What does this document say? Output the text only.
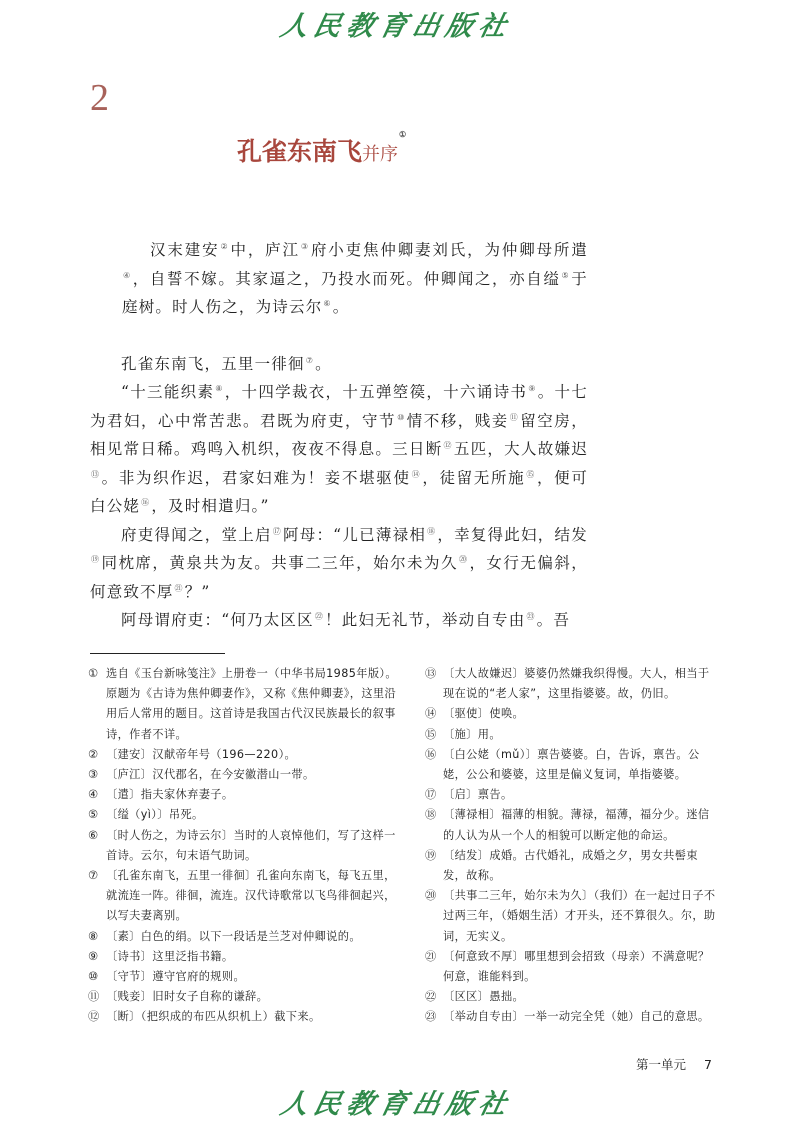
人民教育出版社
2
孔雀东南飞并序①

汉末建安②中，庐江③府小吏焦仲卿妻刘氏，为仲卿母所遣④，自誓不嫁。其家逼之，乃投水而死。仲卿闻之，亦自缢⑤于庭树。时人伤之，为诗云尔⑥。

孔雀东南飞，五里一徘徊⑦。

“十三能织素⑧，十四学裁衣，十五弹箜篌，十六诵诗书⑨。十七为君妇，心中常苦悲。君既为府吏，守节⑩情不移，贱妾⑪留空房，相见常日稀。鸡鸣入机织，夜夜不得息。三日断⑫五匹，大人故嫌迟⑬。非为织作迟，君家妇难为！妾不堪驱使⑭，徒留无所施⑮，便可白公姥⑯，及时相遣归。”

府吏得闻之，堂上启⑰阿母：“儿已薄禄相⑱，幸复得此妇，结发⑲同枕席，黄泉共为友。共事二三年，始尔未为久⑳，女行无偏斜，何意致不厚$^㉑$？”

阿母谓府吏：“何乃太区区$^㉒$！此妇无礼节，举动自专由$^㉓$。吾

① 选自《玉台新咏笺注》上册卷一（中华书局1985年版）。原题为《古诗为焦仲卿妻作》，又称《焦仲卿妻》，这里沿用后人常用的题目。这首诗是我国古代汉民族最长的叙事诗，作者不详。
② 〔建安〕汉献帝年号（196—220）。
③ 〔庐江〕汉代郡名，在今安徽潜山一带。
④ 〔遣〕指夫家休弃妻子。
⑤ 〔缢（yì）〕吊死。
⑥ 〔时人伤之，为诗云尔〕当时的人哀悼他们，写了这样一首诗。云尔，句末语气助词。
⑦ 〔孔雀东南飞，五里一徘徊〕孔雀向东南飞，每飞五里，就流连一阵。徘徊，流连。汉代诗歌常以飞鸟徘徊起兴，以写夫妻离别。
⑧ 〔素〕白色的绢。以下一段话是兰芝对仲卿说的。
⑨ 〔诗书〕这里泛指书籍。
⑩ 〔守节〕遵守官府的规则。
⑪ 〔贱妾〕旧时女子自称的谦辞。
⑫ 〔断〕（把织成的布匹从织机上）截下来。
⑬ 〔大人故嫌迟〕婆婆仍然嫌我织得慢。大人，相当于现在说的“老人家”，这里指婆婆。故，仍旧。
⑭ 〔驱使〕使唤。
⑮ 〔施〕用。
⑯ 〔白公姥（mǔ）〕禀告婆婆。白，告诉，禀告。公姥，公公和婆婆，这里是偏义复词，单指婆婆。
⑰ 〔启〕禀告。
⑱ 〔薄禄相〕福薄的相貌。薄禄，福薄，福分少。迷信的人认为从一个人的相貌可以断定他的命运。
⑲ 〔结发〕成婚。古代婚礼，成婚之夕，男女共髻束发，故称。
⑳ 〔共事二三年，始尔未为久〕（我们）在一起过日子不过两三年，（婚姻生活）才开头，还不算很久。尔，助词，无实义。
㉑ 〔何意致不厚〕哪里想到会招致（母亲）不满意呢？何意，谁能料到。
㉒ 〔区区〕愚拙。
㉓ 〔举动自专由〕一举一动完全凭（她）自己的意思。
第一单元 7
人民教育出版社
